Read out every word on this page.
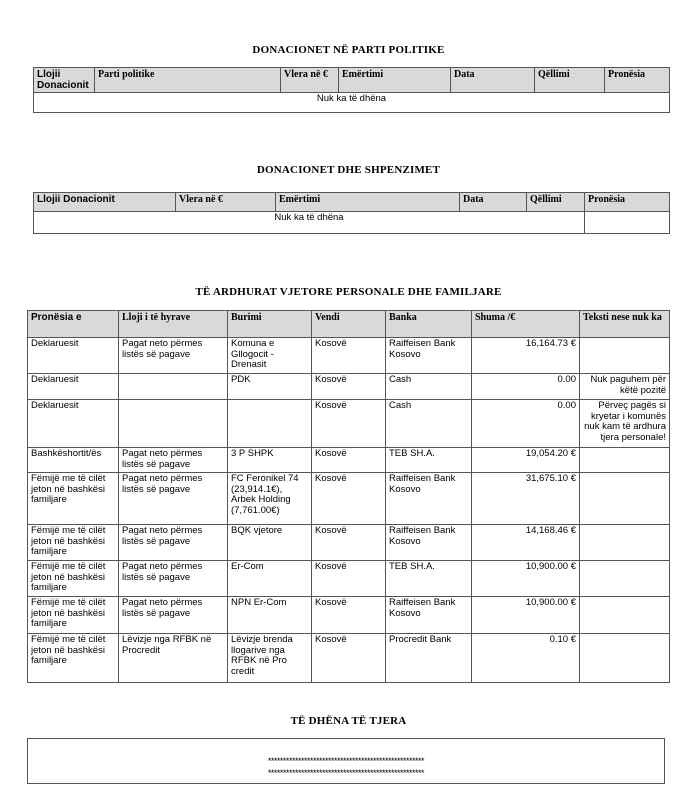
DONACIONET NË PARTI POLITIKE
Llojii Donacionit	Parti politike	Vlera në €	Emërtimi	Data	Qëllimi	Pronësia
Nuk ka të dhëna
DONACIONET DHE SHPENZIMET
Llojii Donacionit	Vlera në €	Emërtimi	Data	Qëllimi	Pronësia
Nuk ka të dhëna					
TË ARDHURAT VJETORE PERSONALE DHE FAMILJARE
Pronësia e	Lloji i të hyrave	Burimi	Vendi	Banka	Shuma /€	Teksti nese nuk ka
Deklaruesit	Pagat neto përmes listës së pagave	Komuna e Gllogocit - Drenasit	Kosovë	Raiffeisen Bank Kosovo	16,164.73 €	
Deklaruesit		PDK	Kosovë	Cash	0.00	Nuk paguhem për këtë pozitë
Deklaruesit			Kosovë	Cash	0.00	Përveç pagës si kryetar i komunës nuk kam të ardhura tjera personale!
Bashkëshortit/ës	Pagat neto përmes listës së pagave	3 P SHPK	Kosovë	TEB SH.A.	19,054.20 €	
Fëmijë me të cilët jeton në bashkësi familjare	Pagat neto përmes listës së pagave	FC Feronikel 74 (23,914.1€), Arbek Holding (7,761.00€)	Kosovë	Raiffeisen Bank Kosovo	31,675.10 €	
Fëmijë me të cilët jeton në bashkësi familjare	Pagat neto përmes listës së pagave	BQK vjetore	Kosovë	Raiffeisen Bank Kosovo	14,168.46 €	
Fëmijë me të cilët jeton në bashkësi familjare	Pagat neto përmes listës së pagave	Er-Com	Kosovë	TEB SH.A.	10,900.00 €	
Fëmijë me të cilët jeton në bashkësi familjare	Pagat neto përmes listës së pagave	NPN Er-Com	Kosovë	Raiffeisen Bank Kosovo	10,900.00 €	
Fëmijë me të cilët jeton në bashkësi familjare	Lëvizje nga RFBK në Procredit	Lëvizje brenda llogarive nga RFBK në Pro credit	Kosovë	Procredit Bank	0.10 €	
TË DHËNA TË TJERA
****************************************************
****************************************************
